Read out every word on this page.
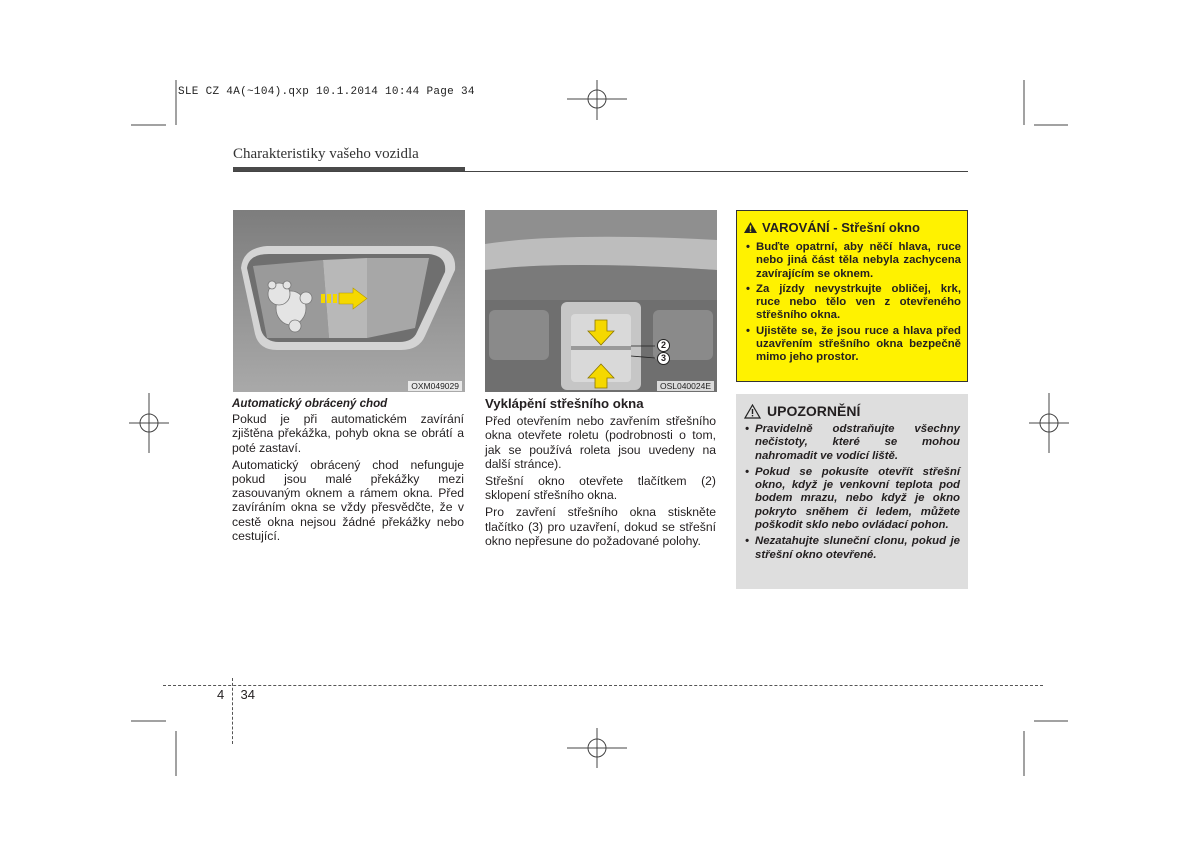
SLE CZ 4A(~104).qxp 10.1.2014 10:44 Page 34
Charakteristiky vašeho vozidla
OXM049029
2
3
OSL040024E
Automatický obrácený chod

Pokud je při automatickém zavírání zjištěna překážka, pohyb okna se obrátí a poté zastaví.

Automatický obrácený chod nefunguje pokud jsou malé překážky mezi zasouvaným oknem a rámem okna. Před zavíráním okna se vždy přesvědčte, že v cestě okna nejsou žádné překážky nebo cestující.

Vyklápění střešního okna

Před otevřením nebo zavřením střešního okna otevřete roletu (podrobnosti o tom, jak se používá roleta jsou uvedeny na další stránce).

Střešní okno otevřete tlačítkem (2) sklopení střešního okna.

Pro zavření střešního okna stiskněte tlačítko (3) pro uzavření, dokud se střešní okno nepřesune do požadované polohy.

VAROVÁNÍ - Střešní okno
• Buďte opatrní, aby něčí hlava, ruce nebo jiná část těla nebyla zachycena zavírajícím se oknem.
• Za jízdy nevystrkujte obličej, krk, ruce nebo tělo ven z otevřeného střešního okna.
• Ujistěte se, že jsou ruce a hlava před uzavřením střešního okna bezpečně mimo jeho prostor.
UPOZORNĚNÍ
• Pravidelně odstraňujte všechny nečistoty, které se mohou nahromadit ve vodící liště.
• Pokud se pokusíte otevřít střešní okno, když je venkovní teplota pod bodem mrazu, nebo když je okno pokryto sněhem či ledem, můžete poškodit sklo nebo ovládací pohon.
• Nezatahujte sluneční clonu, pokud je střešní okno otevřené.
4 34
